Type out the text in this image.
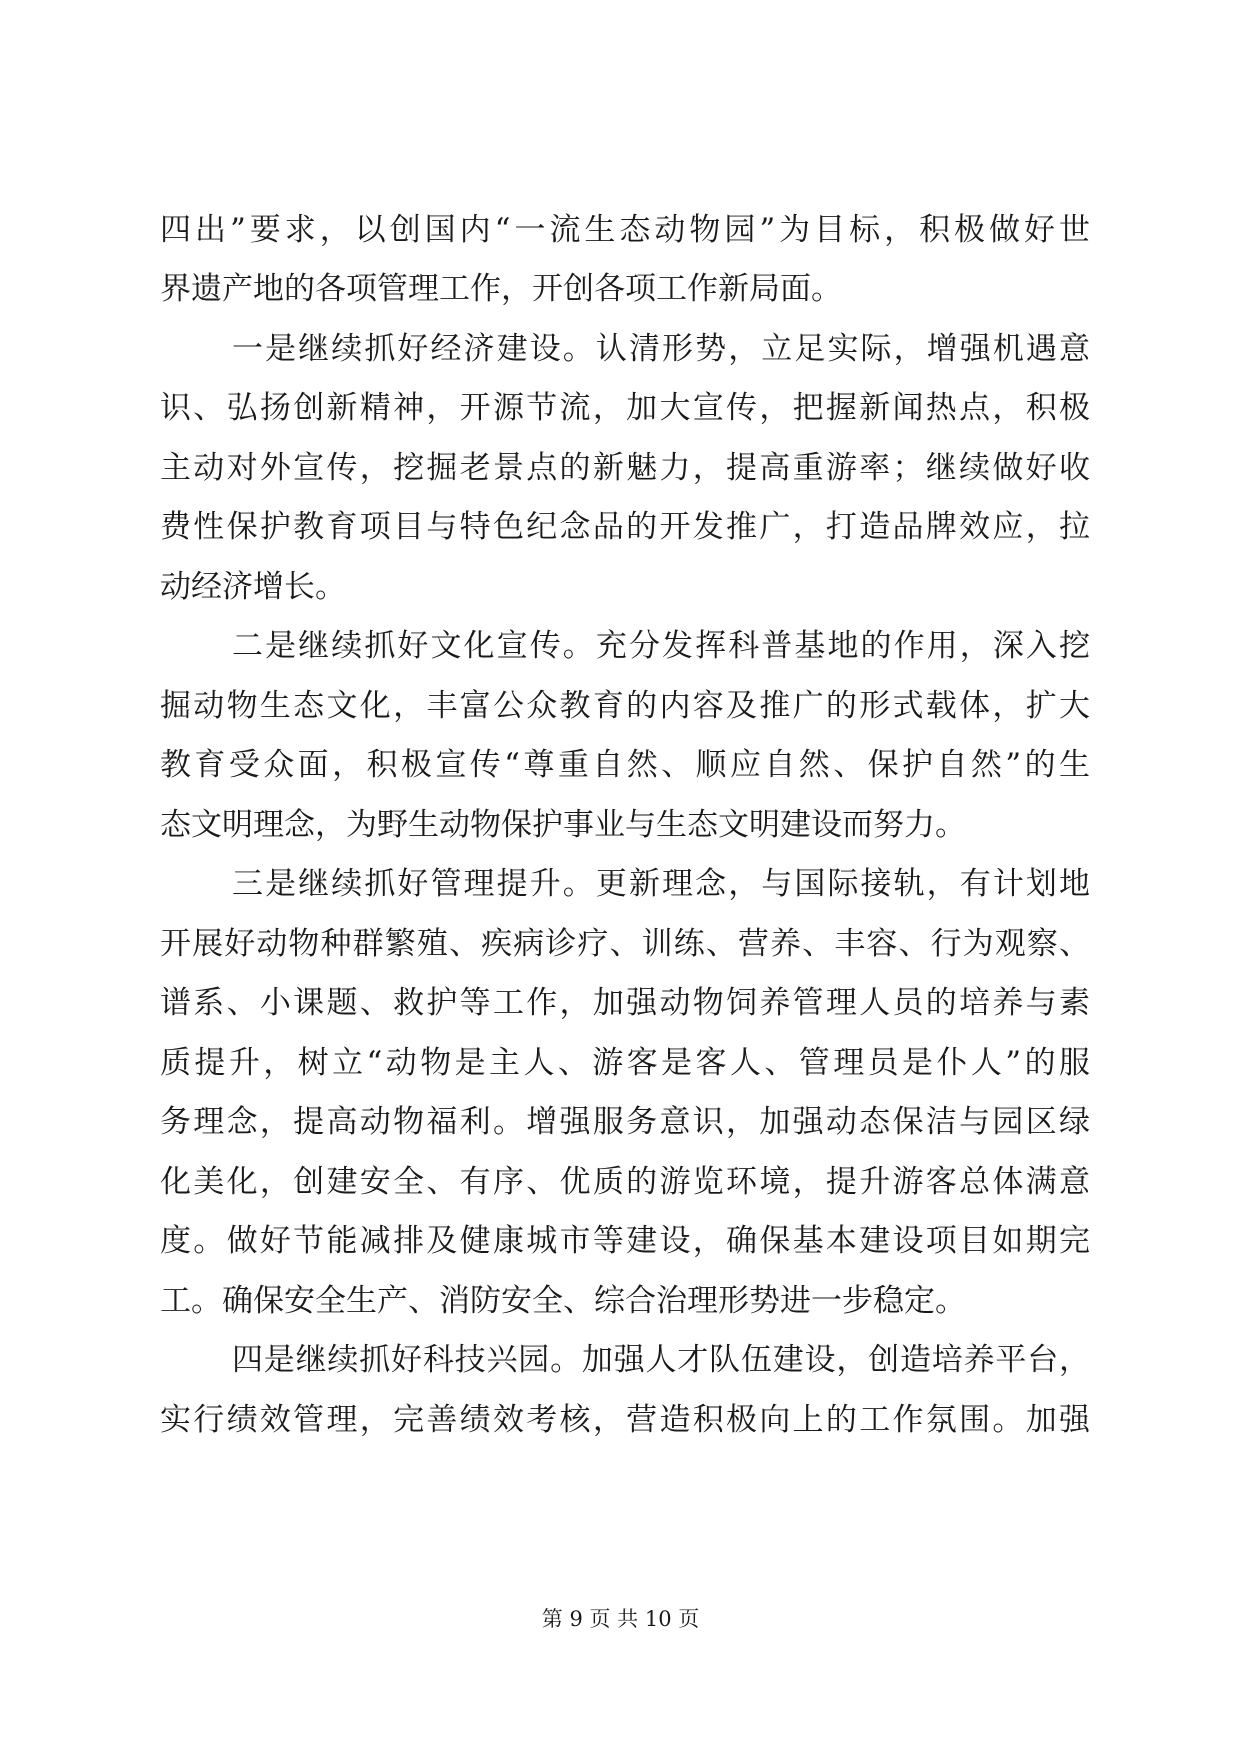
四出”要求，以创国内“一流生态动物园”为目标，积极做好世
界遗产地的各项管理工作，开创各项工作新局面。
一是继续抓好经济建设。认清形势，立足实际，增强机遇意
识、弘扬创新精神，开源节流，加大宣传，把握新闻热点，积极
主动对外宣传，挖掘老景点的新魅力，提高重游率；继续做好收
费性保护教育项目与特色纪念品的开发推广，打造品牌效应，拉
动经济增长。
二是继续抓好文化宣传。充分发挥科普基地的作用，深入挖
掘动物生态文化，丰富公众教育的内容及推广的形式载体，扩大
教育受众面，积极宣传“尊重自然、顺应自然、保护自然”的生
态文明理念，为野生动物保护事业与生态文明建设而努力。
三是继续抓好管理提升。更新理念，与国际接轨，有计划地
开展好动物种群繁殖、疾病诊疗、训练、营养、丰容、行为观察、
谱系、小课题、救护等工作，加强动物饲养管理人员的培养与素
质提升，树立“动物是主人、游客是客人、管理员是仆人”的服
务理念，提高动物福利。增强服务意识，加强动态保洁与园区绿
化美化，创建安全、有序、优质的游览环境，提升游客总体满意
度。做好节能减排及健康城市等建设，确保基本建设项目如期完
工。确保安全生产、消防安全、综合治理形势进一步稳定。
四是继续抓好科技兴园。加强人才队伍建设，创造培养平台，
实行绩效管理，完善绩效考核，营造积极向上的工作氛围。加强
第 9 页 共 10 页
